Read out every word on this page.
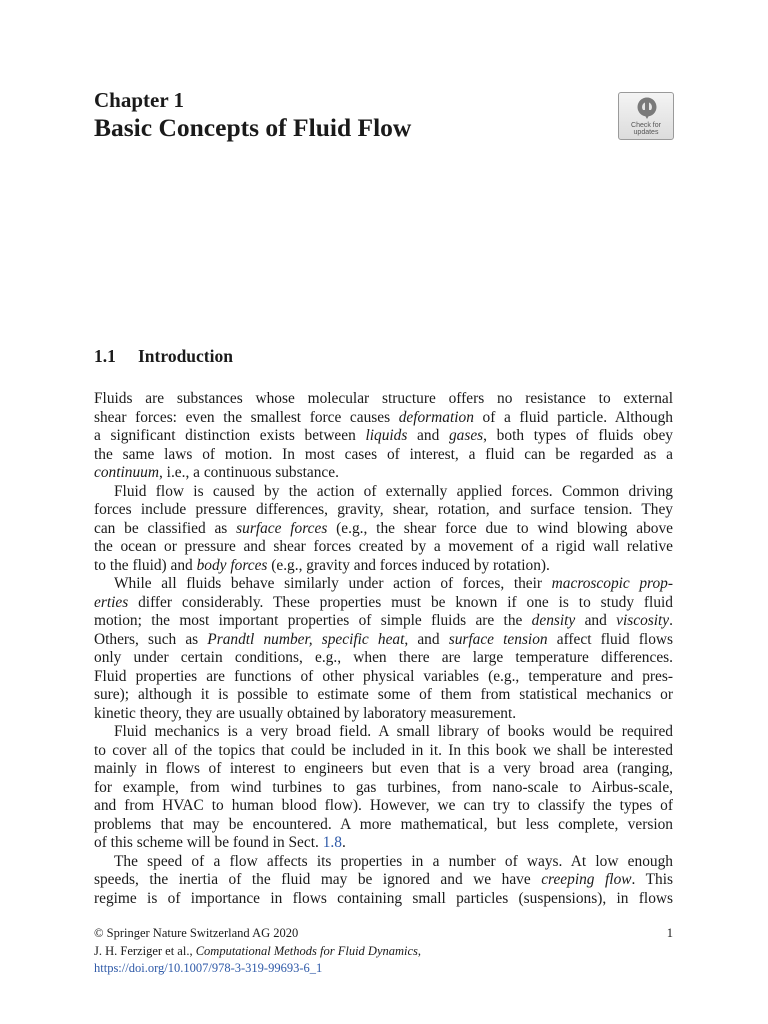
Chapter 1
Basic Concepts of Fluid Flow	Check for
updates
1.1 Introduction
Fluids are substances whose molecular structure offers no resistance to external
shear forces: even the smallest force causes deformation of a fluid particle. Although
a significant distinction exists between liquids and gases, both types of fluids obey
the same laws of motion. In most cases of interest, a fluid can be regarded as a
continuum, i.e., a continuous substance.
Fluid flow is caused by the action of externally applied forces. Common driving
forces include pressure differences, gravity, shear, rotation, and surface tension. They
can be classified as surface forces (e.g., the shear force due to wind blowing above
the ocean or pressure and shear forces created by a movement of a rigid wall relative
to the fluid) and body forces (e.g., gravity and forces induced by rotation).
While all fluids behave similarly under action of forces, their macroscopic prop-
erties differ considerably. These properties must be known if one is to study fluid
motion; the most important properties of simple fluids are the density and viscosity.
Others, such as Prandtl number, specific heat, and surface tension affect fluid flows
only under certain conditions, e.g., when there are large temperature differences.
Fluid properties are functions of other physical variables (e.g., temperature and pres-
sure); although it is possible to estimate some of them from statistical mechanics or
kinetic theory, they are usually obtained by laboratory measurement.
Fluid mechanics is a very broad field. A small library of books would be required
to cover all of the topics that could be included in it. In this book we shall be interested
mainly in flows of interest to engineers but even that is a very broad area (ranging,
for example, from wind turbines to gas turbines, from nano-scale to Airbus-scale,
and from HVAC to human blood flow). However, we can try to classify the types of
problems that may be encountered. A more mathematical, but less complete, version
of this scheme will be found in Sect. 1.8.
The speed of a flow affects its properties in a number of ways. At low enough
speeds, the inertia of the fluid may be ignored and we have creeping flow. This
regime is of importance in flows containing small particles (suspensions), in flows
© Springer Nature Switzerland AG 2020	1
J. H. Ferziger et al., Computational Methods for Fluid Dynamics,
https://doi.org/10.1007/978-3-319-99693-6_1
